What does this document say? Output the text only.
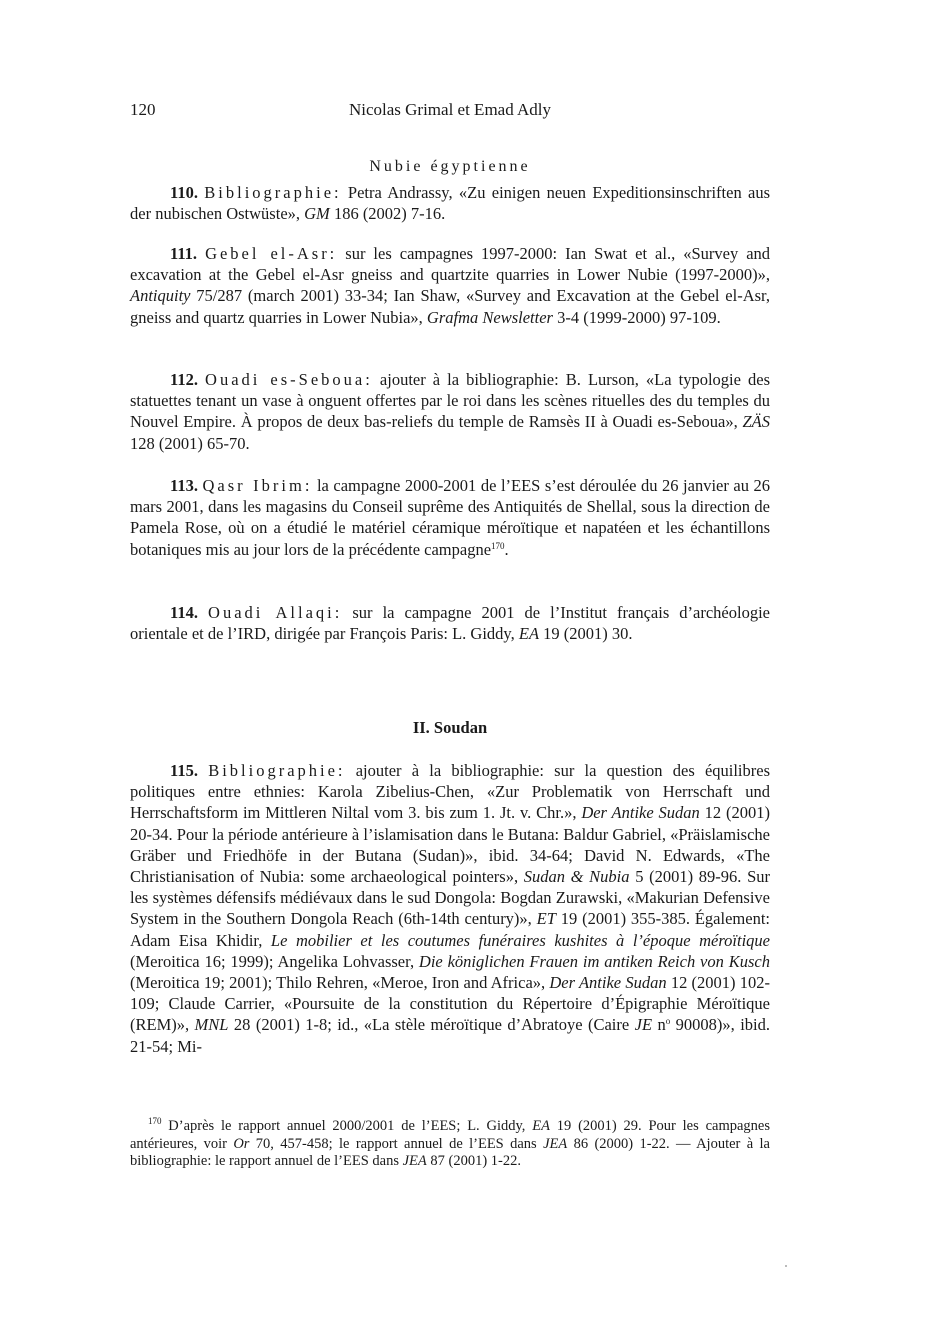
120	Nicolas Grimal et Emad Adly
Nubie égyptienne

110. Bibliographie: Petra Andrassy, «Zu einigen neuen Expeditionsinschriften aus der nubischen Ostwüste», GM 186 (2002) 7-16.

111. Gebel el-Asr: sur les campagnes 1997-2000: Ian Swat et al., «Survey and excavation at the Gebel el-Asr gneiss and quartzite quarries in Lower Nubie (1997-2000)», Antiquity 75/287 (march 2001) 33-34; Ian Shaw, «Survey and Excavation at the Gebel el-Asr, gneiss and quartz quarries in Lower Nubia», Grafma Newsletter 3-4 (1999-2000) 97-109.

112. Ouadi es-Seboua: ajouter à la bibliographie: B. Lurson, «La typologie des statuettes tenant un vase à onguent offertes par le roi dans les scènes rituelles des du temples du Nouvel Empire. À propos de deux bas-reliefs du temple de Ramsès II à Ouadi es-Seboua», ZÄS 128 (2001) 65-70.

113. Qasr Ibrim: la campagne 2000-2001 de l’EES s’est déroulée du 26 janvier au 26 mars 2001, dans les magasins du Conseil suprême des Antiquités de Shellal, sous la direction de Pamela Rose, où on a étudié le matériel céramique méroïtique et napatéen et les échantillons botaniques mis au jour lors de la précédente campagne$^{170}$.

114. Ouadi Allaqi: sur la campagne 2001 de l’Institut français d’archéologie orientale et de l’IRD, dirigée par François Paris: L. Giddy, EA 19 (2001) 30.

II. Soudan

115. Bibliographie: ajouter à la bibliographie: sur la question des équilibres politiques entre ethnies: Karola Zibelius-Chen, «Zur Problematik von Herrschaft und Herrschaftsform im Mittleren Niltal vom 3. bis zum 1. Jt. v. Chr.», Der Antike Sudan 12 (2001) 20-34. Pour la période antérieure à l’islamisation dans le Butana: Baldur Gabriel, «Präislamische Gräber und Friedhöfe in der Butana (Sudan)», ibid. 34-64; David N. Edwards, «The Christianisation of Nubia: some archaeological pointers», Sudan & Nubia 5 (2001) 89-96. Sur les systèmes défensifs médiévaux dans le sud Dongola: Bogdan Zurawski, «Makurian Defensive System in the Southern Dongola Reach (6th-14th century)», ET 19 (2001) 355-385. Également: Adam Eisa Khidir, Le mobilier et les coutumes funéraires kushites à l’époque méroïtique (Meroitica 16; 1999); Angelika Lohvasser, Die königlichen Frauen im antiken Reich von Kusch (Meroitica 19; 2001); Thilo Rehren, «Meroe, Iron and Africa», Der Antike Sudan 12 (2001) 102-109; Claude Carrier, «Poursuite de la constitution du Répertoire d’Épigraphie Méroïtique (REM)», MNL 28 (2001) 1-8; id., «La stèle méroïtique d’Abratoye (Caire JE $n^o$ 90008)», ibid. 21-54; Mi-

$^{170}$ D’après le rapport annuel 2000/2001 de l’EES; L. Giddy, EA 19 (2001) 29. Pour les campagnes antérieures, voir Or 70, 457-458; le rapport annuel de l’EES dans JEA 86 (2000) 1-22. — Ajouter à la bibliographie: le rapport annuel de l’EES dans JEA 87 (2001) 1-22.
